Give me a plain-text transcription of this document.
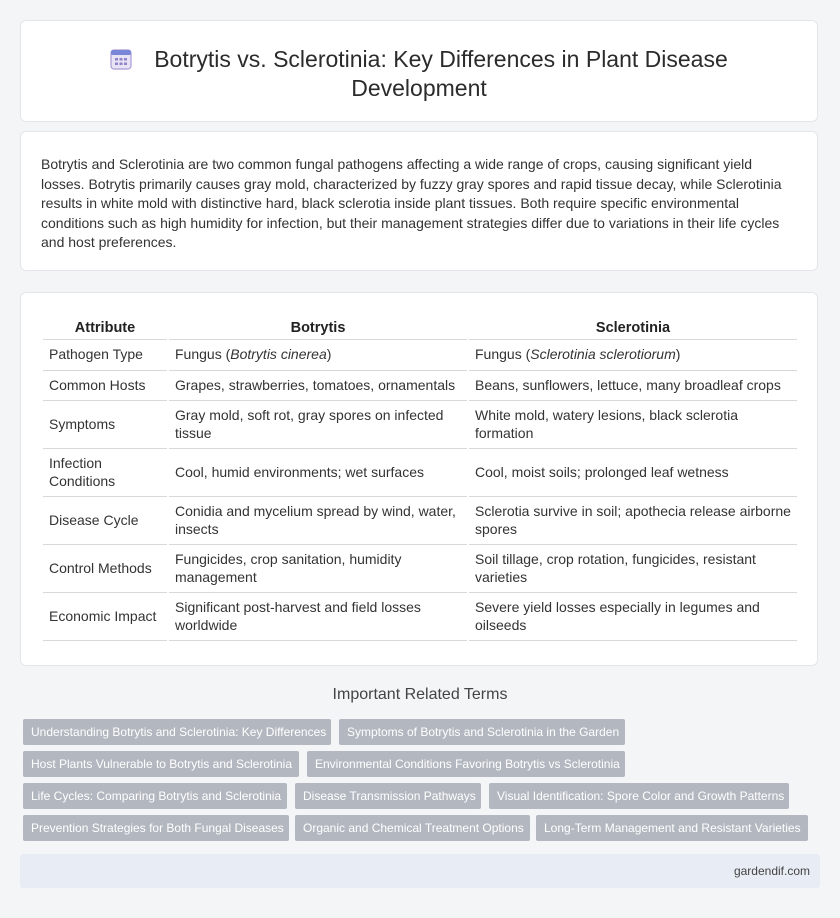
Botrytis vs. Sclerotinia: Key Differences in Plant Disease
Development

Botrytis and Sclerotinia are two common fungal pathogens affecting a wide range of crops, causing significant yield losses. Botrytis primarily causes gray mold, characterized by fuzzy gray spores and rapid tissue decay, while Sclerotinia results in white mold with distinctive hard, black sclerotia inside plant tissues. Both require specific environmental conditions such as high humidity for infection, but their management strategies differ due to variations in their life cycles and host preferences.

Attribute	Botrytis	Sclerotinia
Pathogen Type	Fungus (Botrytis cinerea)	Fungus (Sclerotinia sclerotiorum)
Common Hosts	Grapes, strawberries, tomatoes, ornamentals	Beans, sunflowers, lettuce, many broadleaf crops
Symptoms	Gray mold, soft rot, gray spores on infected tissue	White mold, watery lesions, black sclerotia formation
Infection Conditions	Cool, humid environments; wet surfaces	Cool, moist soils; prolonged leaf wetness
Disease Cycle	Conidia and mycelium spread by wind, water, insects	Sclerotia survive in soil; apothecia release airborne spores
Control Methods	Fungicides, crop sanitation, humidity management	Soil tillage, crop rotation, fungicides, resistant varieties
Economic Impact	Significant post-harvest and field losses worldwide	Severe yield losses especially in legumes and oilseeds
Important Related Terms
Understanding Botrytis and Sclerotinia: Key Differences	Symptoms of Botrytis and Sclerotinia in the Garden
Host Plants Vulnerable to Botrytis and Sclerotinia	Environmental Conditions Favoring Botrytis vs Sclerotinia
Life Cycles: Comparing Botrytis and Sclerotinia	Disease Transmission Pathways	Visual Identification: Spore Color and Growth Patterns
Prevention Strategies for Both Fungal Diseases	Organic and Chemical Treatment Options	Long-Term Management and Resistant Varieties
gardendif.com
